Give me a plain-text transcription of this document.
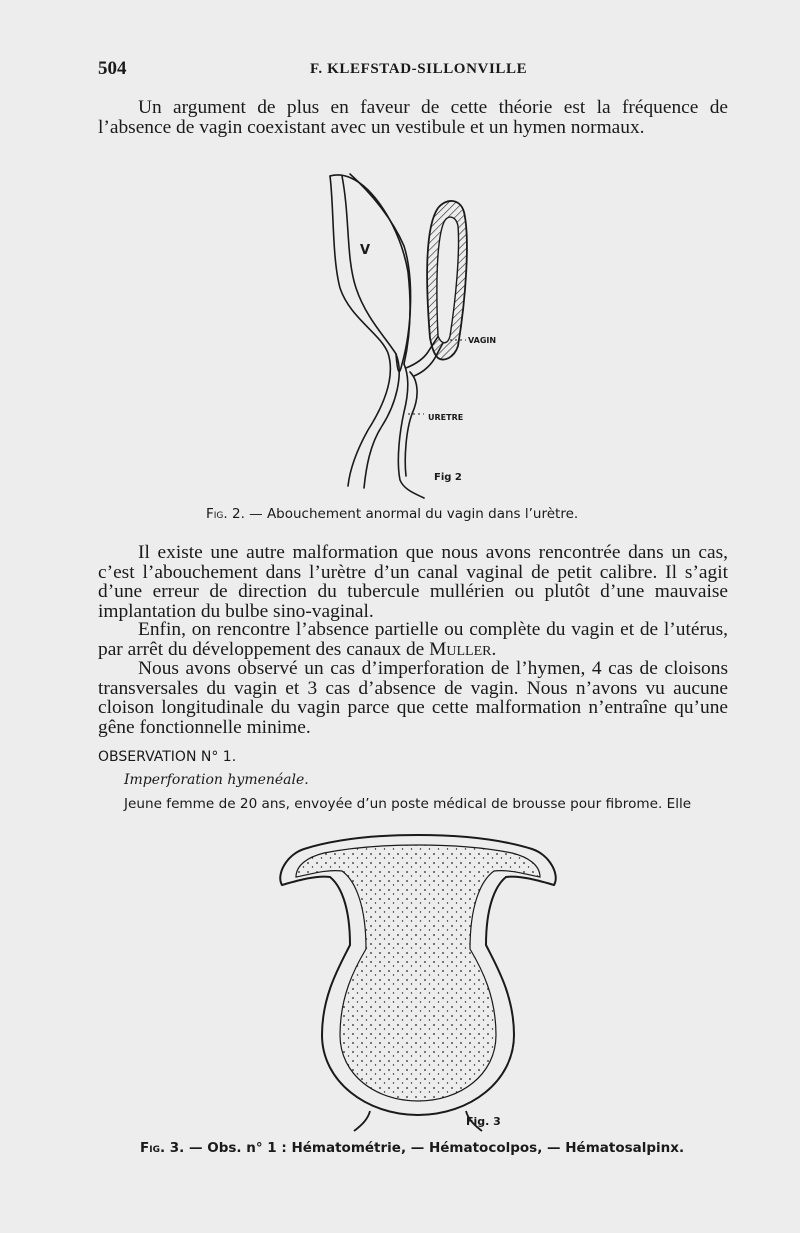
504	F. KLEFSTAD-SILLONVILLE

Un argument de plus en faveur de cette théorie est la fréquence de l’absence de vagin coexistant avec un vestibule et un hymen normaux.

V
VAGIN
URETRE
Fig 2

Fig. 2. — Abouchement anormal du vagin dans l’urètre.

Il existe une autre malformation que nous avons rencontrée dans un cas, c’est l’abouchement dans l’urètre d’un canal vaginal de petit calibre. Il s’agit d’une erreur de direction du tubercule mullérien ou plutôt d’une mauvaise implantation du bulbe sino-vaginal.

Enfin, on rencontre l’absence partielle ou complète du vagin et de l’utérus, par arrêt du développement des canaux de Muller.

Nous avons observé un cas d’imperforation de l’hymen, 4 cas de cloisons transversales du vagin et 3 cas d’absence de vagin. Nous n’avons vu aucune cloison longitudinale du vagin parce que cette malformation n’entraîne qu’une gêne fonctionnelle minime.

OBSERVATION N° 1.

Imperforation hymenéale.

Jeune femme de 20 ans, envoyée d’un poste médical de brousse pour fibrome. Elle

Fig. 3

Fig. 3. — Obs. n° 1 : Hématométrie, — Hématocolpos, — Hématosalpinx.
